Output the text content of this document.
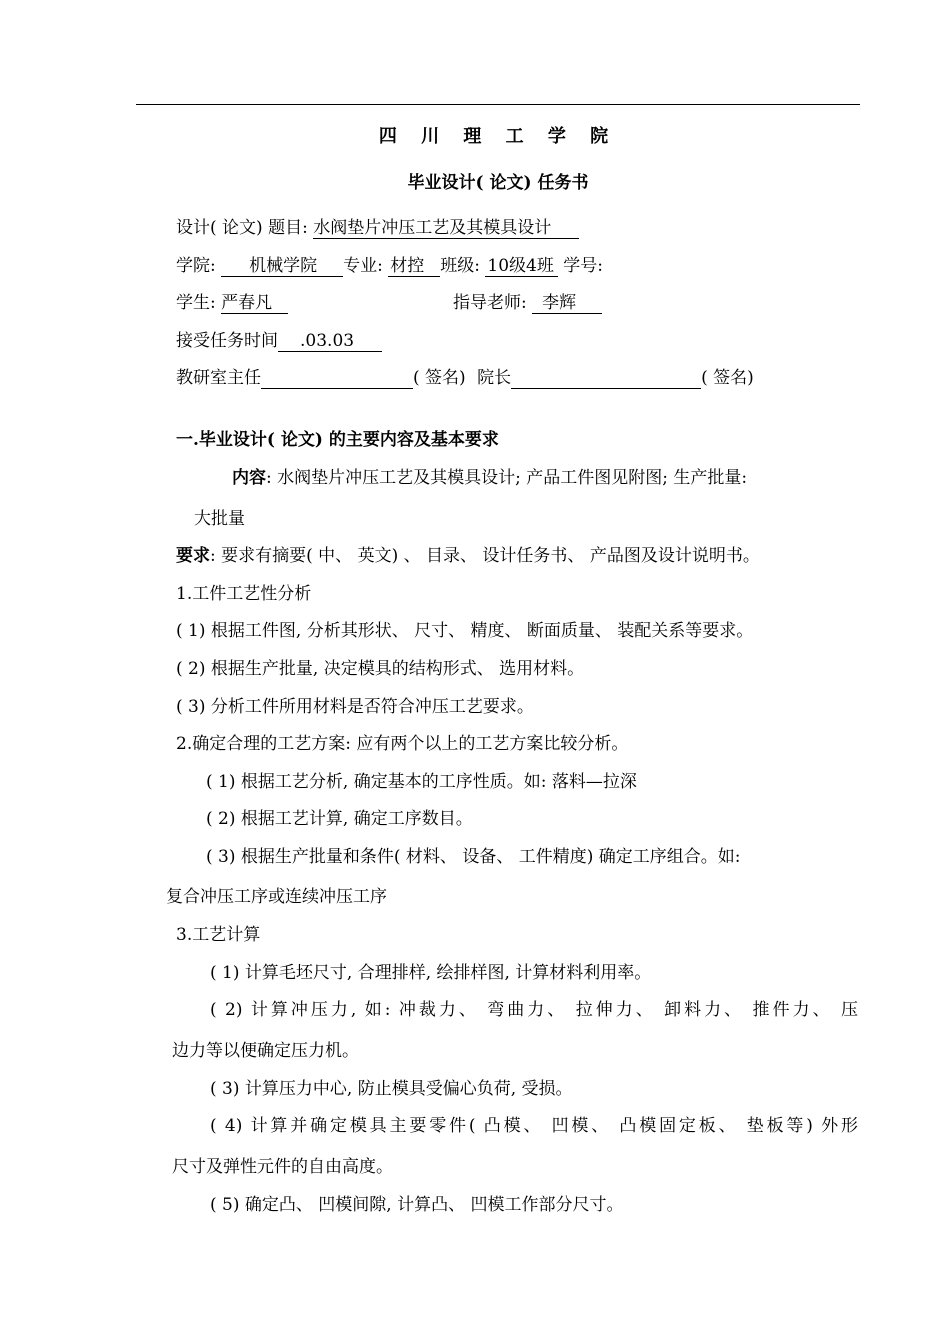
四 川 理 工 学 院
毕业设计( 论文) 任务书
设计( 论文) 题目: 水阀垫片冲压工艺及其模具设计
学院: 机械学院 专业: 材控 班级: 10级4班 学号:
学生: 严春凡	指导老师: 李辉
接受任务时间 .03.03
教研室主任	( 签名) 院长	( 签名)
一.毕业设计( 论文) 的主要内容及基本要求
内容: 水阀垫片冲压工艺及其模具设计; 产品工件图见附图; 生产批量:
大批量
要求: 要求有摘要( 中、 英文) 、 目录、 设计任务书、 产品图及设计说明书。
1.工件工艺性分析
( 1) 根据工件图, 分析其形状、 尺寸、 精度、 断面质量、 装配关系等要求。
( 2) 根据生产批量, 决定模具的结构形式、 选用材料。
( 3) 分析工件所用材料是否符合冲压工艺要求。
2.确定合理的工艺方案: 应有两个以上的工艺方案比较分析。
( 1) 根据工艺分析, 确定基本的工序性质。如: 落料—拉深
( 2) 根据工艺计算, 确定工序数目。
( 3) 根据生产批量和条件( 材料、 设备、 工件精度) 确定工序组合。如:
复合冲压工序或连续冲压工序
3.工艺计算
( 1) 计算毛坯尺寸, 合理排样, 绘排样图, 计算材料利用率。
( 2) 计算冲压力, 如: 冲裁力、 弯曲力、 拉伸力、 卸料力、 推件力、 压
边力等以便确定压力机。
( 3) 计算压力中心, 防止模具受偏心负荷, 受损。
( 4) 计算并确定模具主要零件( 凸模、 凹模、 凸模固定板、 垫板等) 外形
尺寸及弹性元件的自由高度。
( 5) 确定凸、 凹模间隙, 计算凸、 凹模工作部分尺寸。
